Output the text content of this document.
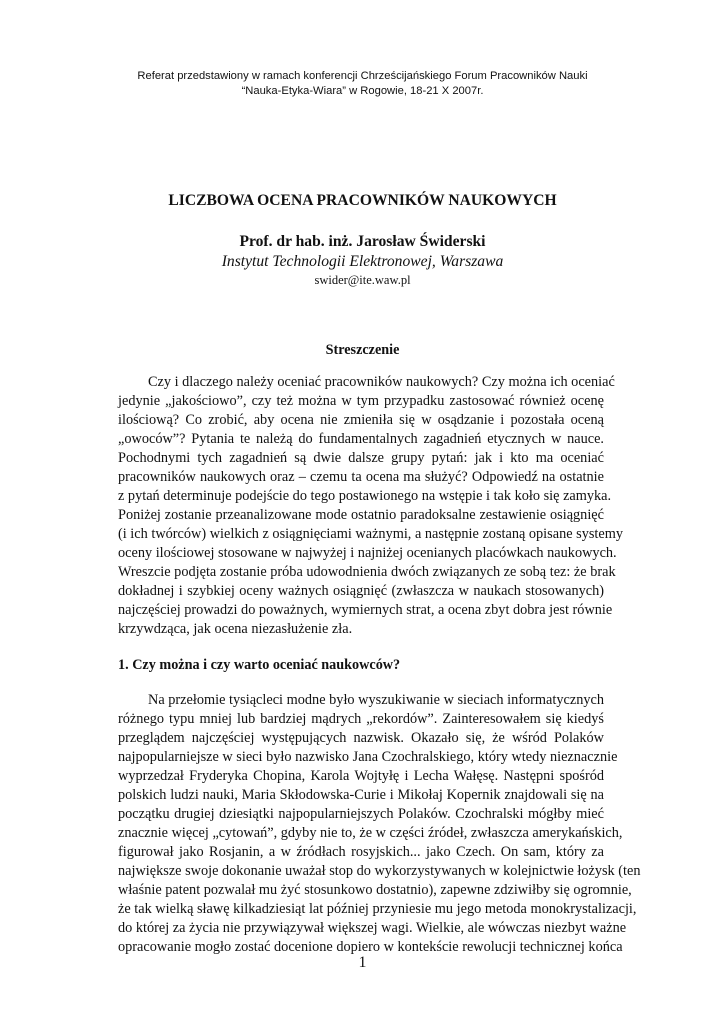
Referat przedstawiony w ramach konferencji Chrześcijańskiego Forum Pracowników Nauki
“Nauka-Etyka-Wiara” w Rogowie, 18-21 X 2007r.
LICZBOWA OCENA PRACOWNIKÓW NAUKOWYCH
Prof. dr hab. inż. Jarosław Świderski
Instytut Technologii Elektronowej, Warszawa
swider@ite.waw.pl
Streszczenie
Czy i dlaczego należy oceniać pracowników naukowych? Czy można ich oceniać
jedynie „jakościowo”, czy też można w tym przypadku zastosować również ocenę
ilościową? Co zrobić, aby ocena nie zmieniła się w osądzanie i pozostała oceną
„owoców”? Pytania te należą do fundamentalnych zagadnień etycznych w nauce.
Pochodnymi tych zagadnień są dwie dalsze grupy pytań: jak i kto ma oceniać
pracowników naukowych oraz – czemu ta ocena ma służyć? Odpowiedź na ostatnie
z pytań determinuje podejście do tego postawionego na wstępie i tak koło się zamyka.
Poniżej zostanie przeanalizowane mode ostatnio paradoksalne zestawienie osiągnięć
(i ich twórców) wielkich z osiągnięciami ważnymi, a następnie zostaną opisane systemy
oceny ilościowej stosowane w najwyżej i najniżej ocenianych placówkach naukowych.
Wreszcie podjęta zostanie próba udowodnienia dwóch związanych ze sobą tez: że brak
dokładnej i szybkiej oceny ważnych osiągnięć (zwłaszcza w naukach stosowanych)
najczęściej prowadzi do poważnych, wymiernych strat, a ocena zbyt dobra jest równie
krzywdząca, jak ocena niezasłużenie zła.
1. Czy można i czy warto oceniać naukowców?
Na przełomie tysiącleci modne było wyszukiwanie w sieciach informatycznych
różnego typu mniej lub bardziej mądrych „rekordów”. Zainteresowałem się kiedyś
przeglądem najczęściej występujących nazwisk. Okazało się, że wśród Polaków
najpopularniejsze w sieci było nazwisko Jana Czochralskiego, który wtedy nieznacznie
wyprzedzał Fryderyka Chopina, Karola Wojtyłę i Lecha Wałęsę. Następni spośród
polskich ludzi nauki, Maria Skłodowska-Curie i Mikołaj Kopernik znajdowali się na
początku drugiej dziesiątki najpopularniejszych Polaków. Czochralski mógłby mieć
znacznie więcej „cytowań”, gdyby nie to, że w części źródeł, zwłaszcza amerykańskich,
figurował jako Rosjanin, a w źródłach rosyjskich... jako Czech. On sam, który za
największe swoje dokonanie uważał stop do wykorzystywanych w kolejnictwie łożysk (ten
właśnie patent pozwalał mu żyć stosunkowo dostatnio), zapewne zdziwiłby się ogromnie,
że tak wielką sławę kilkadziesiąt lat później przyniesie mu jego metoda monokrystalizacji,
do której za życia nie przywiązywał większej wagi. Wielkie, ale wówczas niezbyt ważne
opracowanie mogło zostać docenione dopiero w kontekście rewolucji technicznej końca
1
